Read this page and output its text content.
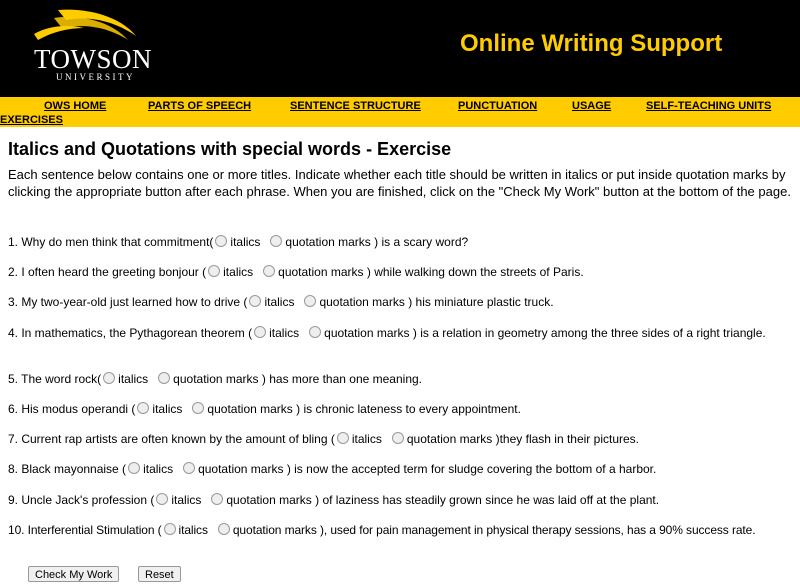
TOWSON
UNIVERSITY
Online Writing Support
OWS HOME	PARTS OF SPEECH	SENTENCE STRUCTURE	PUNCTUATION	USAGE	SELF-TEACHING UNITS
EXERCISES
Italics and Quotations with special words - Exercise

Each sentence below contains one or more titles. Indicate whether each title should be written in italics or put inside quotation marks by clicking the appropriate button after each phrase. When you are finished, click on the "Check My Work" button at the bottom of the page.

1. Why do men think that commitment( italics quotation marks ) is a scary word?

2. I often heard the greeting bonjour ( italics quotation marks ) while walking down the streets of Paris.

3. My two-year-old just learned how to drive ( italics quotation marks ) his miniature plastic truck.

4. In mathematics, the Pythagorean theorem ( italics quotation marks ) is a relation in geometry among the three sides of a right triangle.

5. The word rock( italics quotation marks ) has more than one meaning.

6. His modus operandi ( italics quotation marks ) is chronic lateness to every appointment.

7. Current rap artists are often known by the amount of bling ( italics quotation marks )they flash in their pictures.

8. Black mayonnaise ( italics quotation marks ) is now the accepted term for sludge covering the bottom of a harbor.

9. Uncle Jack's profession ( italics quotation marks ) of laziness has steadily grown since he was laid off at the plant.

10. Interferential Stimulation ( italics quotation marks ), used for pain management in physical therapy sessions, has a 90% success rate.

Check My Work	Reset
